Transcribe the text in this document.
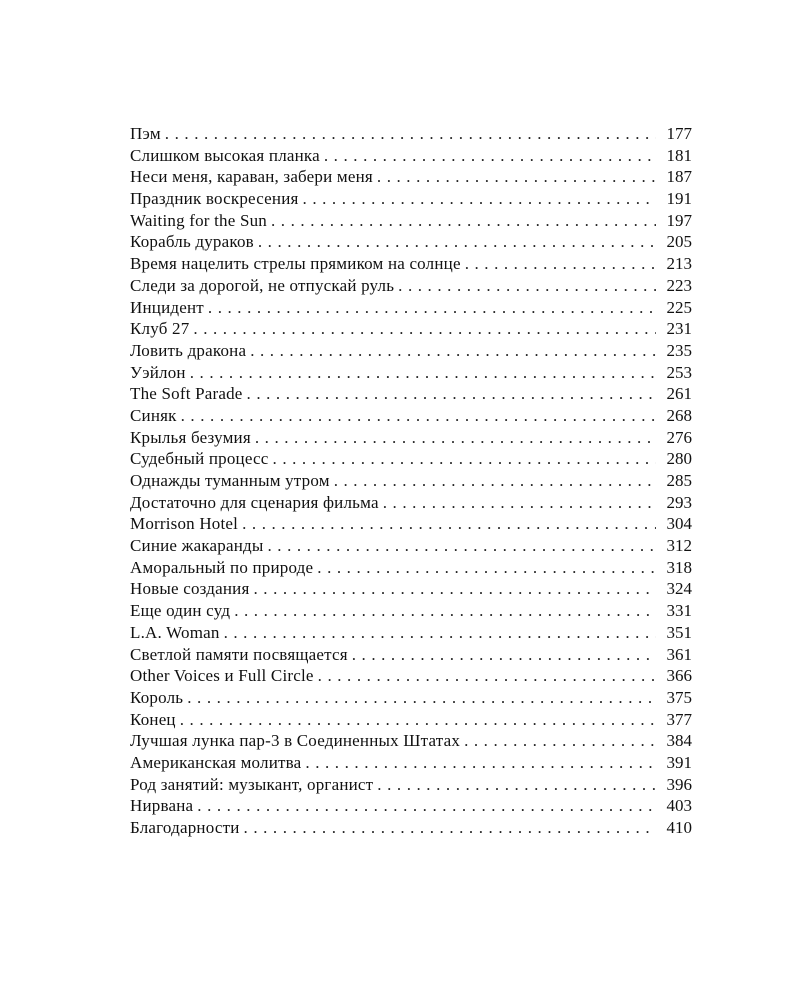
Пэм . . .	177
Слишком высокая планка . . .	181
Неси меня, караван, забери меня . . .	187
Праздник воскресения . . .	191
Waiting for the Sun . . .	197
Корабль дураков . . .	205
Время нацелить стрелы прямиком на солнце . . .	213
Следи за дорогой, не отпускай руль . . .	223
Инцидент . . .	225
Клуб 27 . . .	231
Ловить дракона . . .	235
Уэйлон . . .	253
The Soft Parade . . .	261
Синяк . . .	268
Крылья безумия . . .	276
Судебный процесс . . .	280
Однажды туманным утром . . .	285
Достаточно для сценария фильма . . .	293
Morrison Hotel . . .	304
Синие жакаранды . . .	312
Аморальный по природе . . .	318
Новые создания . . .	324
Еще один суд . . .	331
L.A. Woman . . .	351
Светлой памяти посвящается . . .	361
Other Voices и Full Circle . . .	366
Король . . .	375
Конец . . .	377
Лучшая лунка пар-3 в Соединенных Штатах . . .	384
Американская молитва . . .	391
Род занятий: музыкант, органист . . .	396
Нирвана . . .	403
Благодарности . . .	410
